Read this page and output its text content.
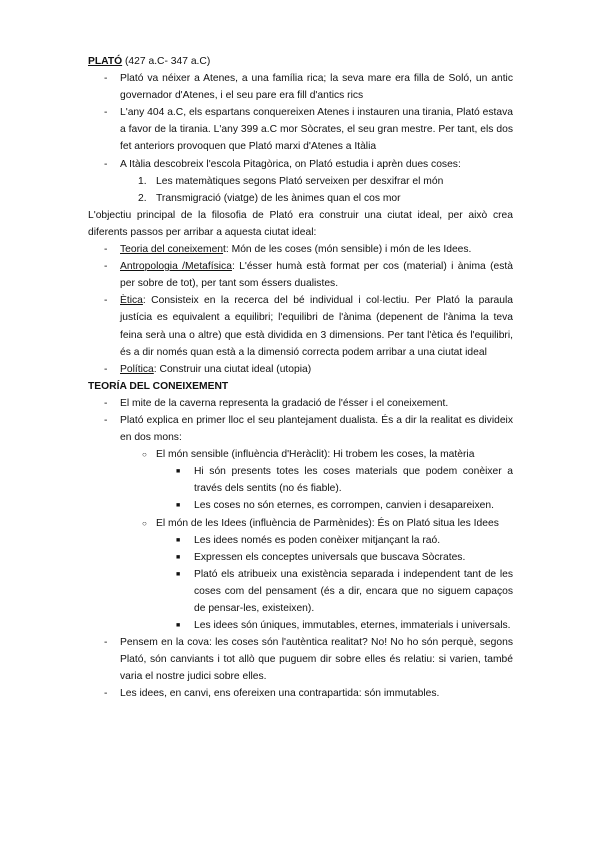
PLATÓ (427 a.C- 347 a.C)

- Plató va néixer a Atenes, a una família rica; la seva mare era filla de Soló, un antic governador d'Atenes, i el seu pare era fill d'antics rics
- L'any 404 a.C, els espartans conquereixen Atenes i instauren una tirania, Plató estava a favor de la tirania. L'any 399 a.C mor Sòcrates, el seu gran mestre. Per tant, els dos fet anteriors provoquen que Plató marxi d'Atenes a Itàlia
- A Itàlia descobreix l'escola Pitagòrica, on Plató estudia i aprèn dues coses:
1. Les matemàtiques segons Plató serveixen per desxifrar el món
2. Transmigració (viatge) de les ànimes quan el cos mor

L'objectiu principal de la filosofia de Plató era construir una ciutat ideal, per això crea diferents passos per arribar a aquesta ciutat ideal:

- Teoria del coneixement: Món de les coses (món sensible) i món de les Idees.
- Antropologia /Metafísica: L'ésser humà està format per cos (material) i ànima (està per sobre de tot), per tant som éssers dualistes.
- Ètica: Consisteix en la recerca del bé individual i col·lectiu. Per Plató la paraula justícia es equivalent a equilibri; l'equilibri de l'ànima (depenent de l'ànima la teva feina serà una o altre) que està dividida en 3 dimensions. Per tant l'ètica és l'equilibri, és a dir només quan està a la dimensió correcta podem arribar a una ciutat ideal
- Política: Construir una ciutat ideal (utopia)

TEORÍA DEL CONEIXEMENT

- El mite de la caverna representa la gradació de l'ésser i el coneixement.
- Plató explica en primer lloc el seu plantejament dualista. És a dir la realitat es divideix en dos mons:
○ El món sensible (influència d'Heràclit): Hi trobem les coses, la matèria
■ Hi són presents totes les coses materials que podem conèixer a través dels sentits (no és fiable).
■ Les coses no són eternes, es corrompen, canvien i desapareixen.
○ El món de les Idees (influència de Parmènides): És on Plató situa les Idees
■ Les idees només es poden conèixer mitjançant la raó.
■ Expressen els conceptes universals que buscava Sòcrates.
■ Plató els atribueix una existència separada i independent tant de les coses com del pensament (és a dir, encara que no siguem capaços de pensar-les, existeixen).
■ Les idees són úniques, immutables, eternes, immaterials i universals.
- Pensem en la cova: les coses són l'autèntica realitat? No! No ho són perquè, segons Plató, són canviants i tot allò que puguem dir sobre elles és relatiu: si varien, també varia el nostre judici sobre elles.
- Les idees, en canvi, ens ofereixen una contrapartida: són immutables.
